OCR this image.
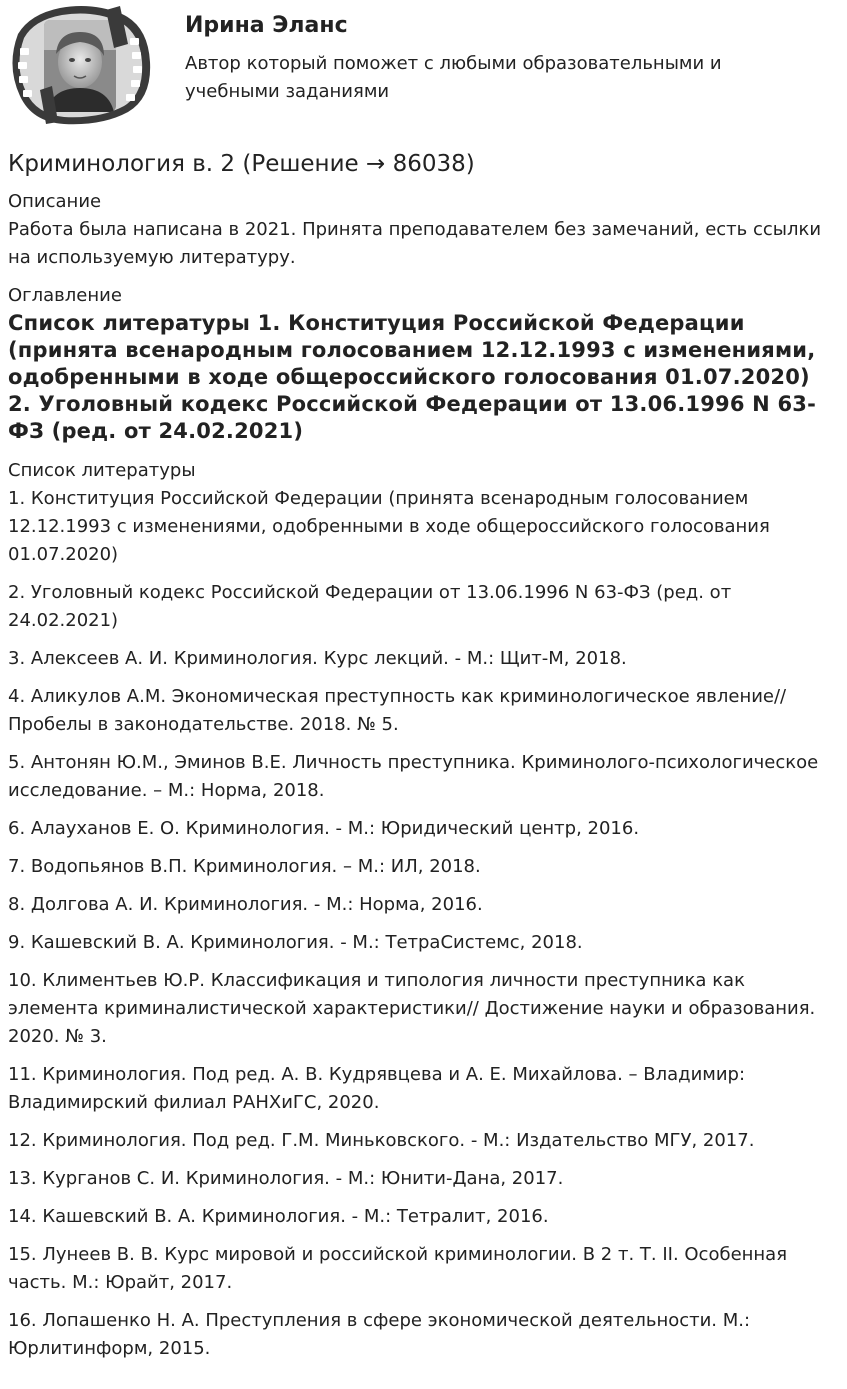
Ирина Эланс

Автор который поможет с любыми образовательными и учебными заданиями

Криминология в. 2 (Решение → 86038)
Описание

Работа была написана в 2021. Принята преподавателем без замечаний, есть ссылки на используемую литературу.

Оглавление

Список литературы 1. Конституция Российской Федерации (принята всенародным голосованием 12.12.1993 с изменениями, одобренными в ходе общероссийского голосования 01.07.2020) 2. Уголовный кодекс Российской Федерации от 13.06.1996 N 63-ФЗ (ред. от 24.02.2021)

Список литературы
1. Конституция Российской Федерации (принята всенародным голосованием 12.12.1993 с изменениями, одобренными в ходе общероссийского голосования 01.07.2020)
2. Уголовный кодекс Российской Федерации от 13.06.1996 N 63-ФЗ (ред. от 24.02.2021)
3. Алексеев А. И. Криминология. Курс лекций. - М.: Щит-М, 2018.
4. Аликулов А.М. Экономическая преступность как криминологическое явление// Пробелы в законодательстве. 2018. № 5.
5. Антонян Ю.М., Эминов В.Е. Личность преступника. Криминолого-психологическое исследование. – М.: Норма, 2018.
6. Алауханов Е. О. Криминология. - М.: Юридический центр, 2016.
7. Водопьянов В.П. Криминология. – М.: ИЛ, 2018.
8. Долгова А. И. Криминология. - М.: Норма, 2016.
9. Кашевский В. А. Криминология. - М.: ТетраСистемс, 2018.
10. Климентьев Ю.Р. Классификация и типология личности преступника как элемента криминалистической характеристики// Достижение науки и образования. 2020. № 3.
11. Криминология. Под ред. А. В. Кудрявцева и А. Е. Михайлова. – Владимир: Владимирский филиал РАНХиГС, 2020.
12. Криминология. Под ред. Г.М. Миньковского. - М.: Издательство МГУ, 2017.
13. Курганов С. И. Криминология. - М.: Юнити-Дана, 2017.
14. Кашевский В. А. Криминология. - М.: Тетралит, 2016.
15. Лунеев В. В. Курс мировой и российской криминологии. В 2 т. Т. II. Особенная часть. М.: Юрайт, 2017.
16. Лопашенко Н. А. Преступления в сфере экономической деятельности. М.: Юрлитинформ, 2015.
